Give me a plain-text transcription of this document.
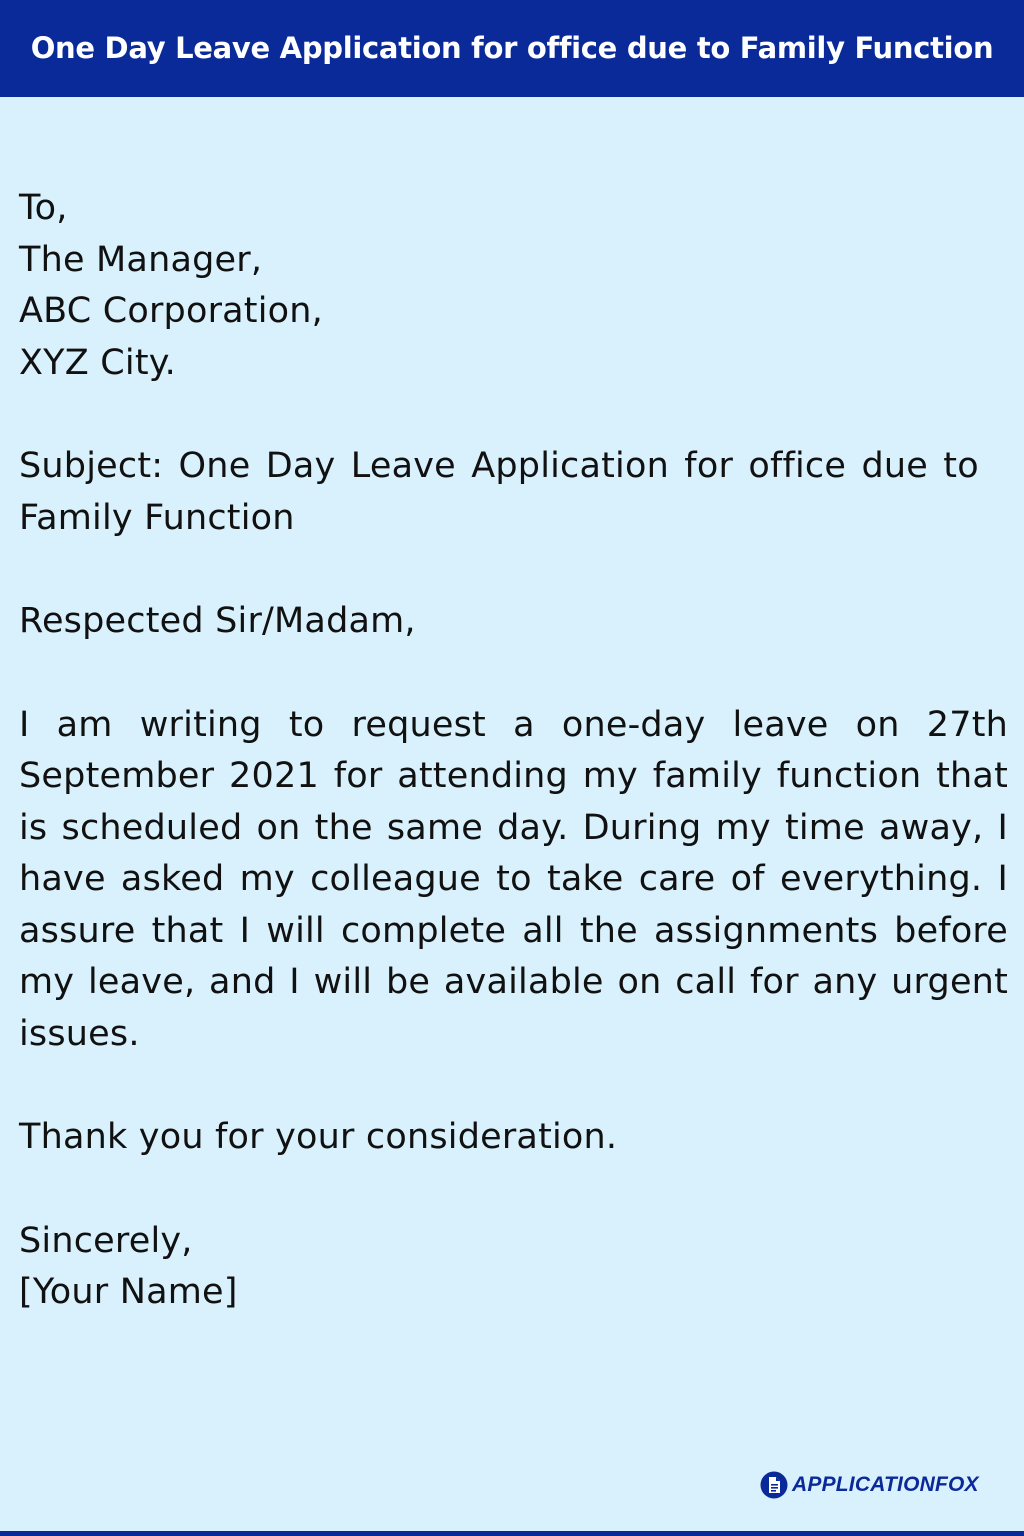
One Day Leave Application for office due to Family Function
To,
The Manager,
ABC Corporation,
XYZ City.
Subject: One Day Leave Application for office due to
Family Function
Respected Sir/Madam,
I am writing to request a one-day leave on 27th September 2021 for attending my family function that is scheduled on the same day. During my time away, I have asked my colleague to take care of everything. I assure that I will complete all the assignments before my leave, and I will be available on call for any urgent issues.
Thank you for your consideration.
Sincerely,
[Your Name]
APPLICATIONFOX
